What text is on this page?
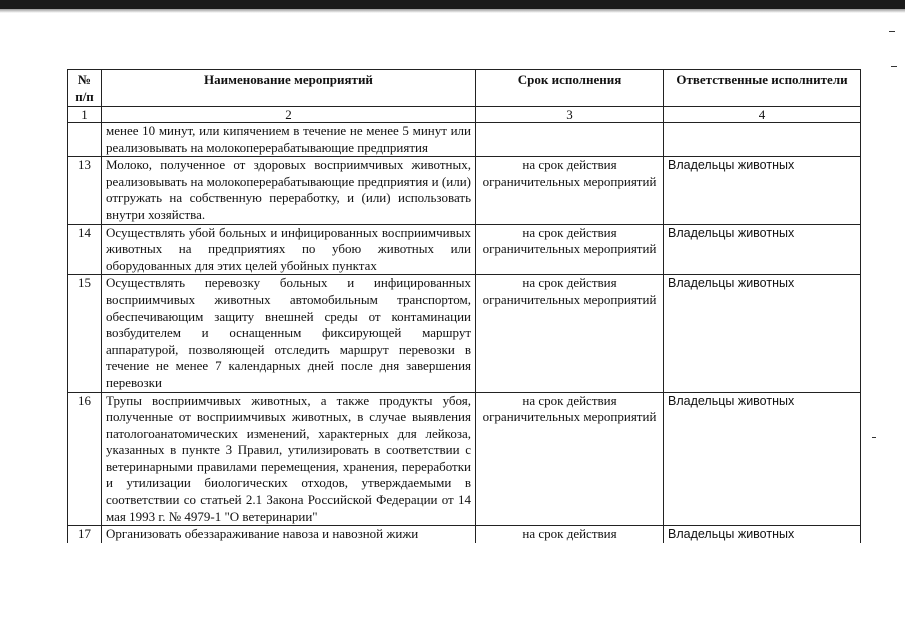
№ п/п	Наименование мероприятий	Срок исполнения	Ответственные исполнители
1	2	3	4
	менее 10 минут, или кипячением в течение не менее 5 минут или реализовывать на молокоперерабатывающие предприятия		
13	Молоко, полученное от здоровых восприимчивых животных, реализовывать на молокоперерабатывающие предприятия и (или) отгружать на собственную переработку, и (или) использовать внутри хозяйства.	на срок действия ограничительных мероприятий	Владельцы животных
14	Осуществлять убой больных и инфицированных восприимчивых животных на предприятиях по убою животных или оборудованных для этих целей убойных пунктах	на срок действия ограничительных мероприятий	Владельцы животных
15	Осуществлять перевозку больных и инфицированных восприимчивых животных автомобильным транспортом, обеспечивающим защиту внешней среды от контаминации возбудителем и оснащенным фиксирующей маршрут аппаратурой, позволяющей отследить маршрут перевозки в течение не менее 7 календарных дней после дня завершения перевозки	на срок действия ограничительных мероприятий	Владельцы животных
16	Трупы восприимчивых животных, а также продукты убоя, полученные от восприимчивых животных, в случае выявления патологоанатомических изменений, характерных для лейкоза, указанных в пункте 3 Правил, утилизировать в соответствии с ветеринарными правилами перемещения, хранения, переработки и утилизации биологических отходов, утверждаемыми в соответствии со статьей 2.1 Закона Российской Федерации от 14 мая 1993 г. № 4979-1 "О ветеринарии"	на срок действия ограничительных мероприятий	Владельцы животных
17	Организовать обеззараживание навоза и навозной жижи	на срок действия	Владельцы животных
